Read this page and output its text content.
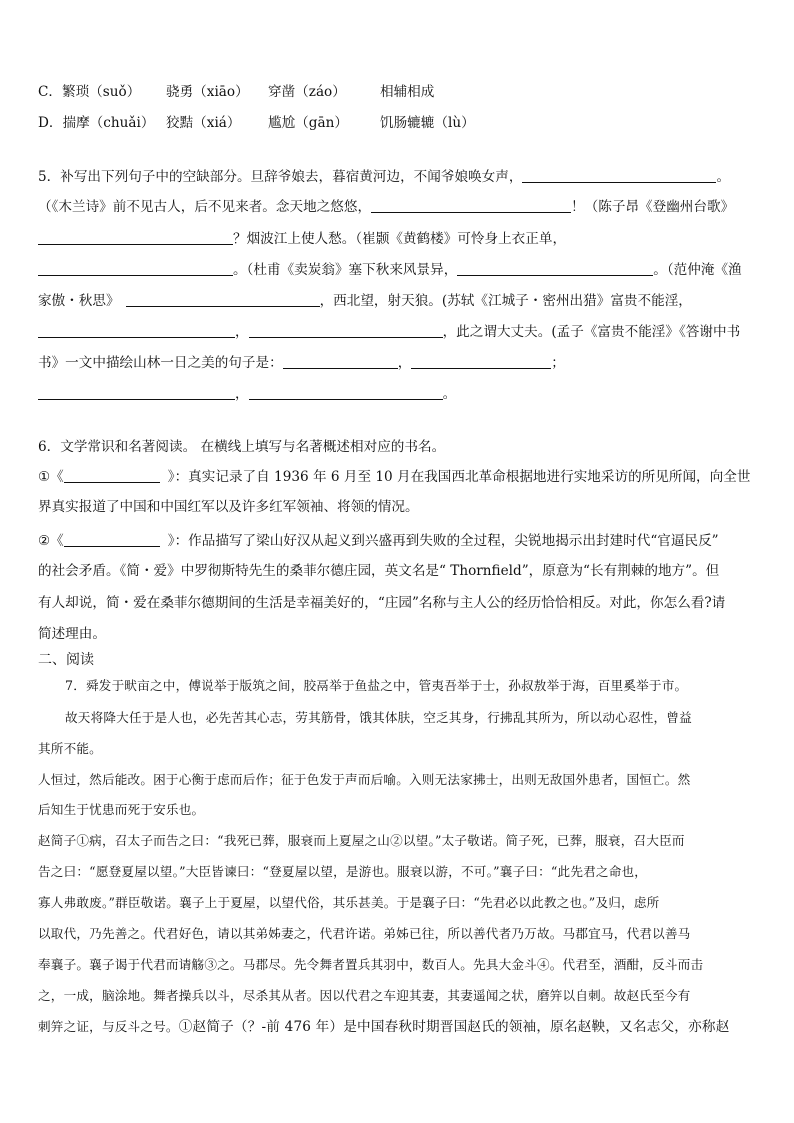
C．繁琐（suǒ） 骁勇（xiāo） 穿凿（záo）	相辅相成
D．揣摩（chuǎi） 狡黠（xiá） 尴尬（gān） 饥肠辘辘（lù）
5．补写出下列句子中的空缺部分。旦辞爷娘去，暮宿黄河边，不闻爷娘唤女声，	。
（《木兰诗》前不见古人，后不见来者。念天地之悠悠，	！（陈子昂《登幽州台歌》
？烟波江上使人愁。（崔颢《黄鹤楼》可怜身上衣正单，
。（杜甫《卖炭翁》塞下秋来风景异，	。（范仲淹《渔
家傲・秋思》	，西北望，射天狼。(苏轼《江城子・密州出猎》富贵不能淫，
，	，此之谓大丈夫。(孟子《富贵不能淫》《答谢中书
书》一文中描绘山林一日之美的句子是：	，	；
，	。
6．文学常识和名著阅读。 在横线上填写与名著概述相对应的书名。
①《	》：真实记录了自 1936 年 6 月至 10 月在我国西北革命根据地进行实地采访的所见所闻，向全世
界真实报道了中国和中国红军以及许多红军领袖、将领的情况。
②《	》：作品描写了梁山好汉从起义到兴盛再到失败的全过程，尖锐地揭示出封建时代“官逼民反”
的社会矛盾。《简・爱》中罗彻斯特先生的桑菲尔德庄园，英文名是“ Thornfield”，原意为“长有荆棘的地方”。但
有人却说，简・爱在桑菲尔德期间的生活是幸福美好的，“庄园”名称与主人公的经历恰恰相反。对此，你怎么看?请
简述理由。
二、阅读
7．舜发于畎亩之中，傅说举于版筑之间，胶鬲举于鱼盐之中，管夷吾举于士，孙叔敖举于海，百里奚举于市。
故天将降大任于是人也，必先苦其心志，劳其筋骨，饿其体肤，空乏其身，行拂乱其所为，所以动心忍性，曾益
其所不能。
人恒过，然后能改。困于心衡于虑而后作；征于色发于声而后喻。入则无法家拂士，出则无敌国外患者，国恒亡。然
后知生于忧患而死于安乐也。
赵简子①病，召太子而告之曰：“我死已葬，服衰而上夏屋之山②以望。”太子敬诺。简子死，已葬，服衰，召大臣而
告之曰：“愿登夏屋以望。”大臣皆谏曰：“登夏屋以望，是游也。服衰以游，不可。”襄子曰：“此先君之命也，
寡人弗敢废。”群臣敬诺。襄子上于夏屋，以望代俗，其乐甚美。于是襄子曰：“先君必以此教之也。”及归，虑所
以取代，乃先善之。代君好色，请以其弟姊妻之，代君许诺。弟姊已往，所以善代者乃万故。马郡宜马，代君以善马
奉襄子。襄子谒于代君而请觞③之。马郡尽。先令舞者置兵其羽中，数百人。先具大金斗④。代君至，酒酣，反斗而击
之，一成，脑涂地。舞者操兵以斗，尽杀其从者。因以代君之车迎其妻，其妻遥闻之状，磨笄以自刺。故赵氏至今有
刺笄之证，与反斗之号。①赵简子（？-前 476 年）是中国春秋时期晋国赵氏的领袖，原名赵鞅，又名志父，亦称赵
